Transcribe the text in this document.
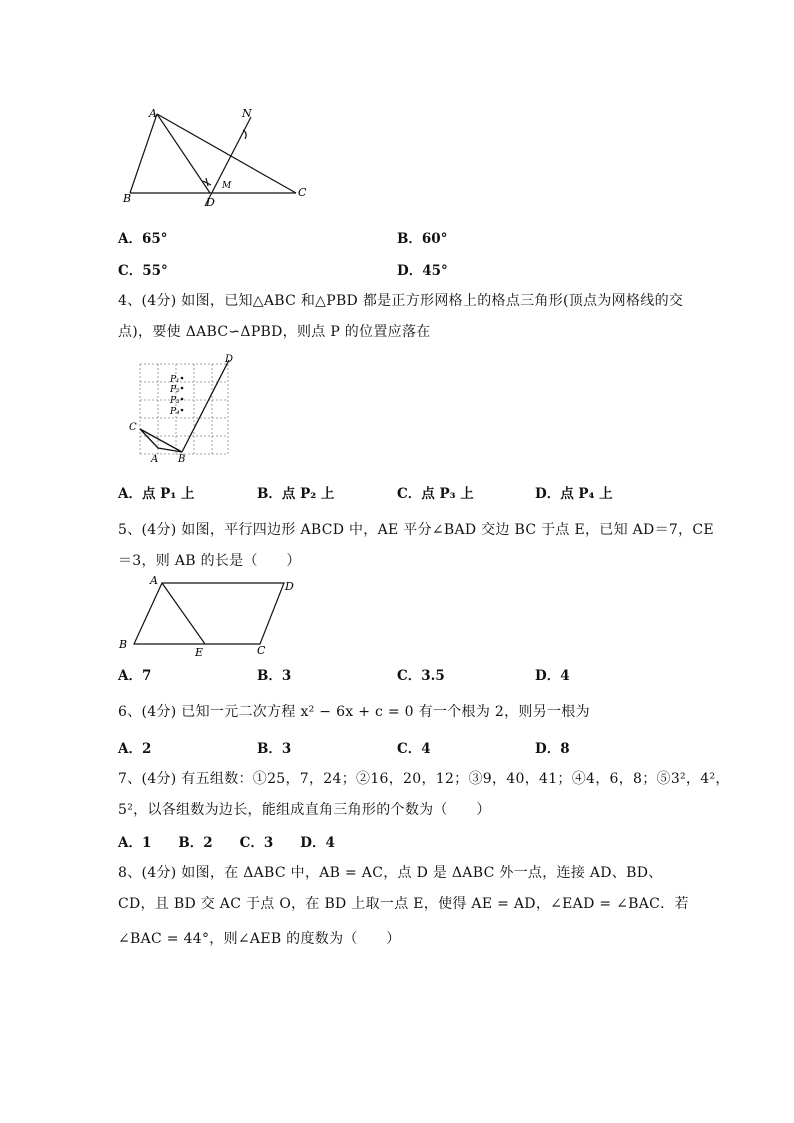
A
B	C
D
M
N
A．65°	B．60°
C．55°	D．45°
4、(4分) 如图，已知△ABC 和△PBD 都是正方形网格上的格点三角形(顶点为网格线的交
点)，要使 ΔABC∽ΔPBD，则点 P 的位置应落在
P₁
P₂
P₃
P₄
C
A B
D
A．点 P₁ 上	B．点 P₂ 上	C．点 P₃ 上	D．点 P₄ 上
5、(4分) 如图，平行四边形 ABCD 中，AE 平分∠BAD 交边 BC 于点 E，已知 AD＝7，CE
＝3，则 AB 的长是（　　）
A	D
B
E	C
A．7	B．3	C．3.5	D．4
6、(4分) 已知一元二次方程 x² − 6x + c = 0 有一个根为 2，则另一根为
A．2	B．3	C．4	D．8
7、(4分) 有五组数：①25，7，24；②16，20，12；③9，40，41；④4，6，8；⑤3²，4²，
5²，以各组数为边长，能组成直角三角形的个数为（　　）
A．1　　B．2　　C．3　　D．4
8、(4分) 如图，在 ΔABC 中，AB = AC，点 D 是 ΔABC 外一点，连接 AD、BD、
CD，且 BD 交 AC 于点 O，在 BD 上取一点 E，使得 AE = AD，∠EAD = ∠BAC．若
∠BAC = 44°，则∠AEB 的度数为（　　）
